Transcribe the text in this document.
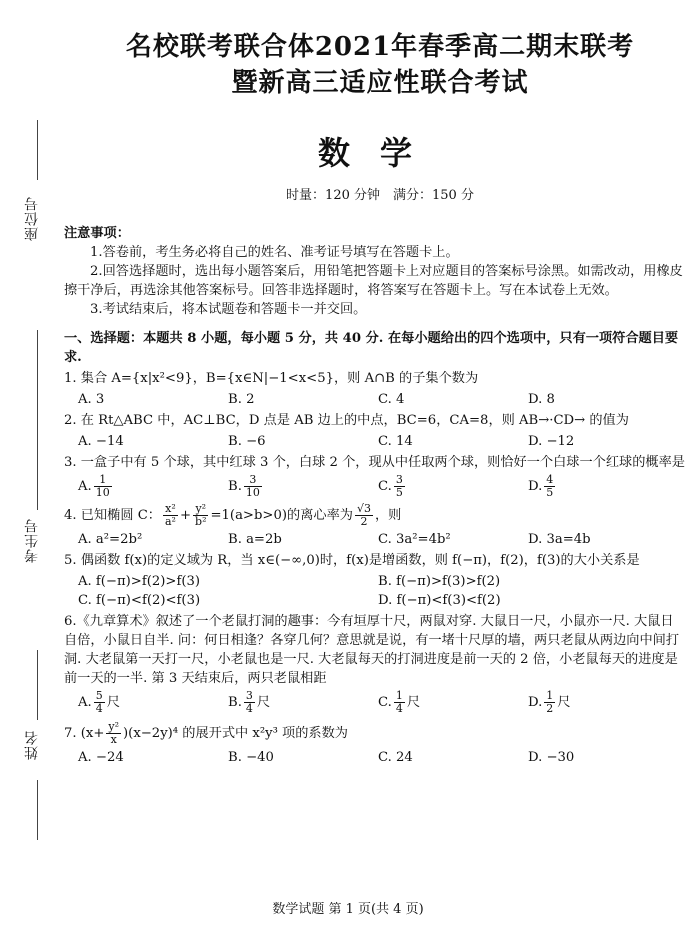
座位号
考生号
姓名
名校联考联合体2021年春季高二期末联考
暨新高三适应性联合考试
数学
时量：120 分钟　满分：150 分
注意事项：

1.答卷前，考生务必将自己的姓名、准考证号填写在答题卡上。

2.回答选择题时，选出每小题答案后，用铅笔把答题卡上对应题目的答案标号涂黑。如需改动，用橡皮擦干净后，再选涂其他答案标号。回答非选择题时，将答案写在答题卡上。写在本试卷上无效。

3.考试结束后，将本试题卷和答题卡一并交回。

一、选择题：本题共 8 小题，每小题 5 分，共 40 分. 在每小题给出的四个选项中，只有一项符合题目要求.

1. 集合 A={x|x²<9}，B={x∈N|−1<x<5}，则 A∩B 的子集个数为

A. 3	B. 2	C. 4	D. 8

2. 在 Rt△ABC 中，AC⊥BC，D 点是 AB 边上的中点，BC=6，CA=8，则 AB→·CD→ 的值为

A. −14	B. −6	C. 14	D. −12

3. 一盒子中有 5 个球，其中红球 3 个，白球 2 个，现从中任取两个球，则恰好一个白球一个红球的概率是

A. $\frac{1}{10}$	B. $\frac{3}{10}$	C. $\frac{3}{5}$	D. $\frac{4}{5}$

4. 已知椭圆 C： $\frac{\text{x²}}{\text{a²}} + \frac{\text{y²}}{\text{b²}} =1(a>b>0)$的离心率为 $\frac{√3}{2}$ ，则

A. a²=2b²	B. a=2b	C. 3a²=4b²	D. 3a=4b

5. 偶函数 f(x)的定义域为 R，当 x∈(−∞,0)时，f(x)是增函数，则 f(−π)，f(2)，f(3)的大小关系是

A. f(−π)>f(2)>f(3)	B. f(−π)>f(3)>f(2)
C. f(−π)<f(2)<f(3)	D. f(−π)<f(3)<f(2)

6.《九章算术》叙述了一个老鼠打洞的趣事：今有垣厚十尺，两鼠对穿. 大鼠日一尺，小鼠亦一尺. 大鼠日自倍，小鼠日自半. 问：何日相逢？各穿几何？意思就是说，有一堵十尺厚的墙，两只老鼠从两边向中间打洞. 大老鼠第一天打一尺，小老鼠也是一尺. 大老鼠每天的打洞进度是前一天的 2 倍，小老鼠每天的进度是前一天的一半. 第 3 天结束后，两只老鼠相距

A. $\frac{5}{4}$ 尺	B. $\frac{3}{4}$ 尺	C. $\frac{1}{4}$ 尺	D. $\frac{1}{2}$ 尺

7. $(x+ \frac{\text{y²}}{x} )(x-2y)^4$ 的展开式中 x²y³ 项的系数为

A. −24	B. −40	C. 24	D. −30
数学试题 第 1 页(共 4 页)
